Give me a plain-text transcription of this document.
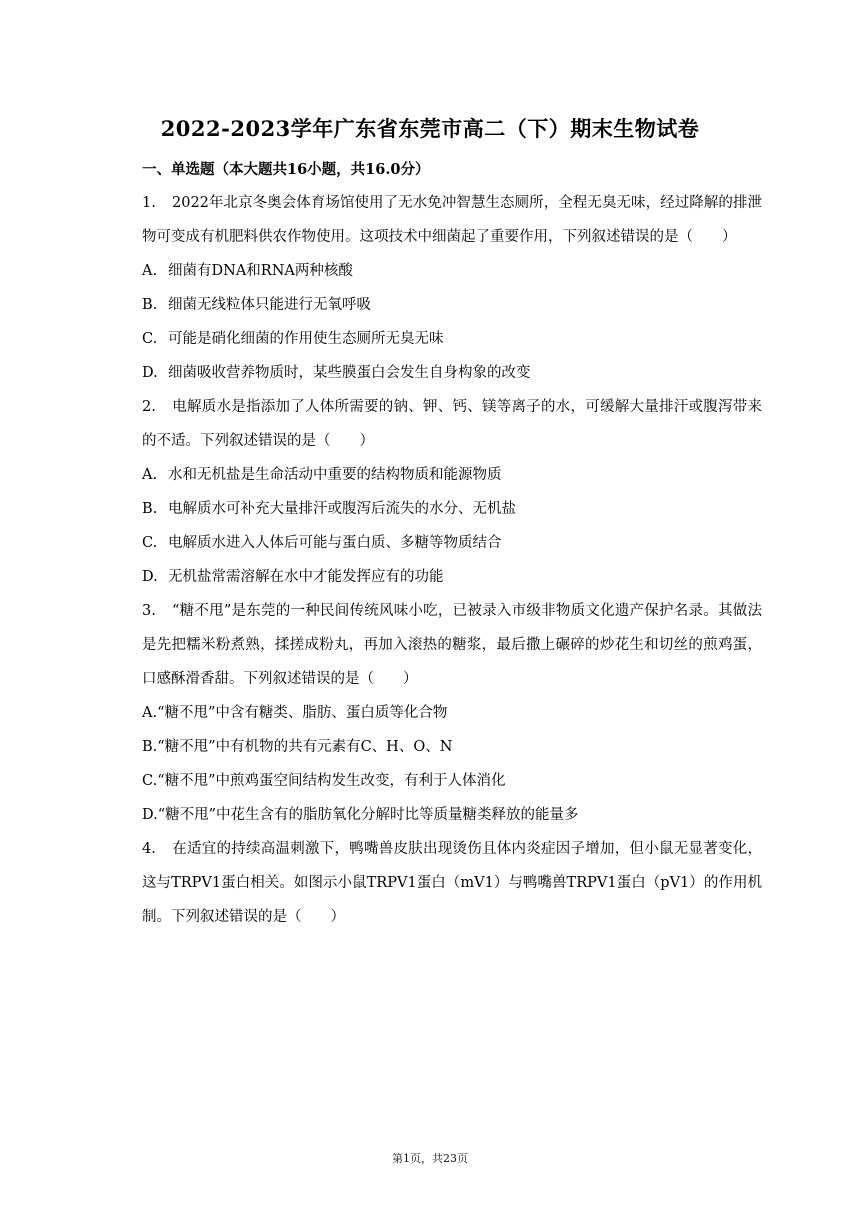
2022-2023学年广东省东莞市高二（下）期末生物试卷
一、单选题（本大题共16小题，共16.0分）

1. 2022年北京冬奥会体育场馆使用了无水免冲智慧生态厕所，全程无臭无味，经过降解的排泄物可变成有机肥料供农作物使用。这项技术中细菌起了重要作用，下列叙述错误的是（　　）

A. 细菌有DNA和RNA两种核酸

B. 细菌无线粒体只能进行无氧呼吸

C. 可能是硝化细菌的作用使生态厕所无臭无味

D. 细菌吸收营养物质时，某些膜蛋白会发生自身构象的改变

2. 电解质水是指添加了人体所需要的钠、钾、钙、镁等离子的水，可缓解大量排汗或腹泻带来的不适。下列叙述错误的是（　　）

A. 水和无机盐是生命活动中重要的结构物质和能源物质

B. 电解质水可补充大量排汗或腹泻后流失的水分、无机盐

C. 电解质水进入人体后可能与蛋白质、多糖等物质结合

D. 无机盐常需溶解在水中才能发挥应有的功能

3. “糖不甩”是东莞的一种民间传统风味小吃，已被录入市级非物质文化遗产保护名录。其做法是先把糯米粉煮熟，揉搓成粉丸，再加入滚热的糖浆，最后撒上碾碎的炒花生和切丝的煎鸡蛋，口感酥滑香甜。下列叙述错误的是（　　）

A.“糖不甩”中含有糖类、脂肪、蛋白质等化合物

B.“糖不甩”中有机物的共有元素有C、H、O、N

C.“糖不甩”中煎鸡蛋空间结构发生改变，有利于人体消化

D.“糖不甩”中花生含有的脂肪氧化分解时比等质量糖类释放的能量多

4. 在适宜的持续高温刺激下，鸭嘴兽皮肤出现烫伤且体内炎症因子增加，但小鼠无显著变化，这与TRPV1蛋白相关。如图示小鼠TRPV1蛋白（mV1）与鸭嘴兽TRPV1蛋白（pV1）的作用机制。下列叙述错误的是（　　）

第1页，共23页
